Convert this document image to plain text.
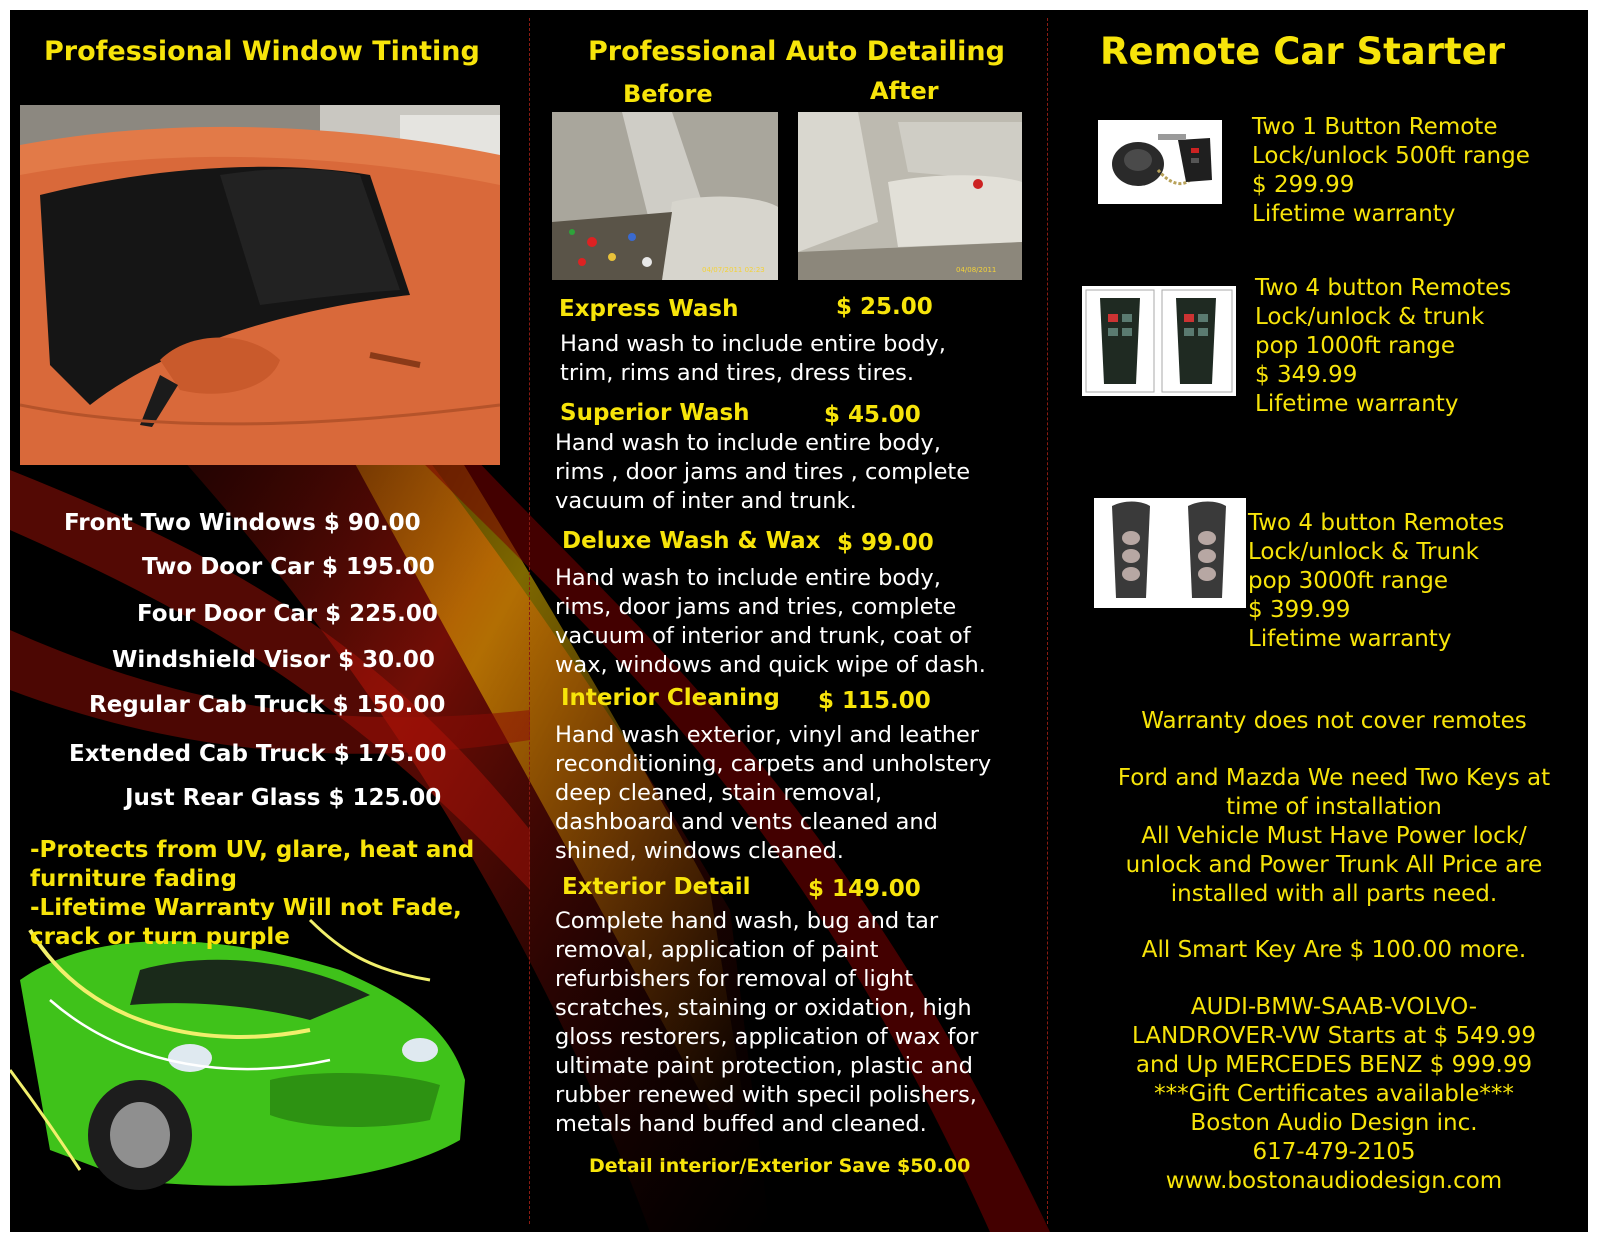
Professional Window Tinting
Front Two Windows $ 90.00
Two Door Car $ 195.00
Four Door Car $ 225.00
Windshield Visor $ 30.00
Regular Cab Truck $ 150.00
Extended Cab Truck $ 175.00
Just Rear Glass $ 125.00
-Protects from UV, glare, heat and
furniture fading
-Lifetime Warranty Will not Fade,
crack or turn purple
Professional Auto Detailing
Before	After
04/07/2011 02:23	04/08/2011
Express Wash	$ 25.00
Hand wash to include entire body,
trim, rims and tires, dress tires.
Superior Wash	$ 45.00
Hand wash to include entire body,
rims , door jams and tires , complete
vacuum of inter and trunk.
Deluxe Wash & Wax $ 99.00
Hand wash to include entire body,
rims, door jams and tries, complete
vacuum of interior and trunk, coat of
wax, windows and quick wipe of dash.
Interior Cleaning $ 115.00
Hand wash exterior, vinyl and leather
reconditioning, carpets and unholstery
deep cleaned, stain removal,
dashboard and vents cleaned and
shined, windows cleaned.
Exterior Detail	$ 149.00
Complete hand wash, bug and tar
removal, application of paint
refurbishers for removal of light
scratches, staining or oxidation, high
gloss restorers, application of wax for
ultimate paint protection, plastic and
rubber renewed with specil polishers,
metals hand buffed and cleaned.
Detail interior/Exterior Save $50.00
Remote Car Starter
Two 1 Button Remote
Lock/unlock 500ft range
$ 299.99
Lifetime warranty
Two 4 button Remotes
Lock/unlock & trunk
pop 1000ft range
$ 349.99
Lifetime warranty
Two 4 button Remotes
Lock/unlock & Trunk
pop 3000ft range
$ 399.99
Lifetime warranty
Warranty does not cover remotes
Ford and Mazda We need Two Keys at
time of installation
All Vehicle Must Have Power lock/
unlock and Power Trunk All Price are
installed with all parts need.
All Smart Key Are $ 100.00 more.
AUDI-BMW-SAAB-VOLVO-
LANDROVER-VW Starts at $ 549.99
and Up MERCEDES BENZ $ 999.99
***Gift Certificates available***
Boston Audio Design inc.
617-479-2105
www.bostonaudiodesign.com
